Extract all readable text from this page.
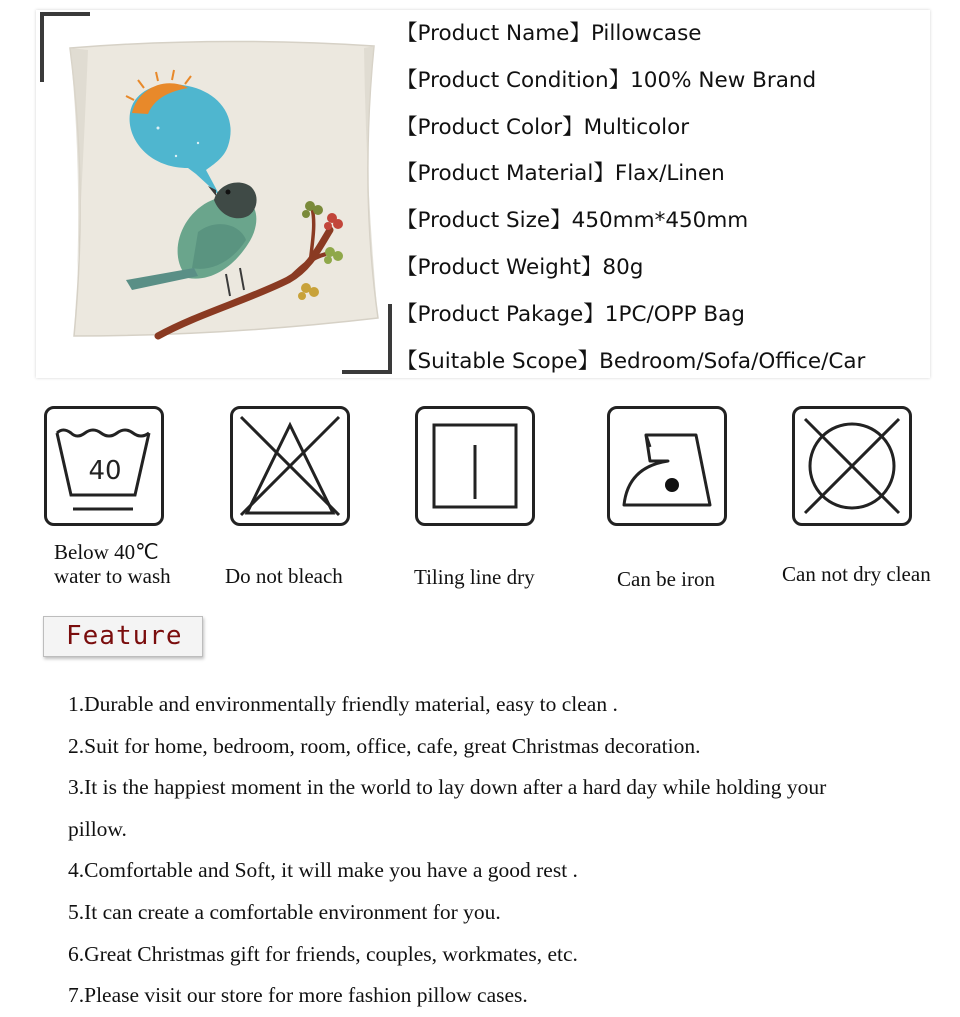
【 Product Name 】 Pillowcase
【 Product Condition 】 100% New Brand
【 Product Color 】 Multicolor
【 Product Material 】 Flax/Linen
【 Product Size 】 450mm*450mm
【 Product Weight 】 80g
【 Product Pakage 】 1PC/OPP Bag
【 Suitable Scope 】 Bedroom/Sofa/Office/Car
40
Below 40℃
water to wash	Do not bleach	Tiling line dry	Can be iron	Can not dry clean
Feature
1.Durable and environmentally friendly material, easy to clean .
2.Suit for home, bedroom, room, office, cafe, great Christmas decoration.
3.It is the happiest moment in the world to lay down after a hard day while holding your
pillow.
4.Comfortable and Soft, it will make you have a good rest .
5.It can create a comfortable environment for you.
6.Great Christmas gift for friends, couples, workmates, etc.
7.Please visit our store for more fashion pillow cases.
